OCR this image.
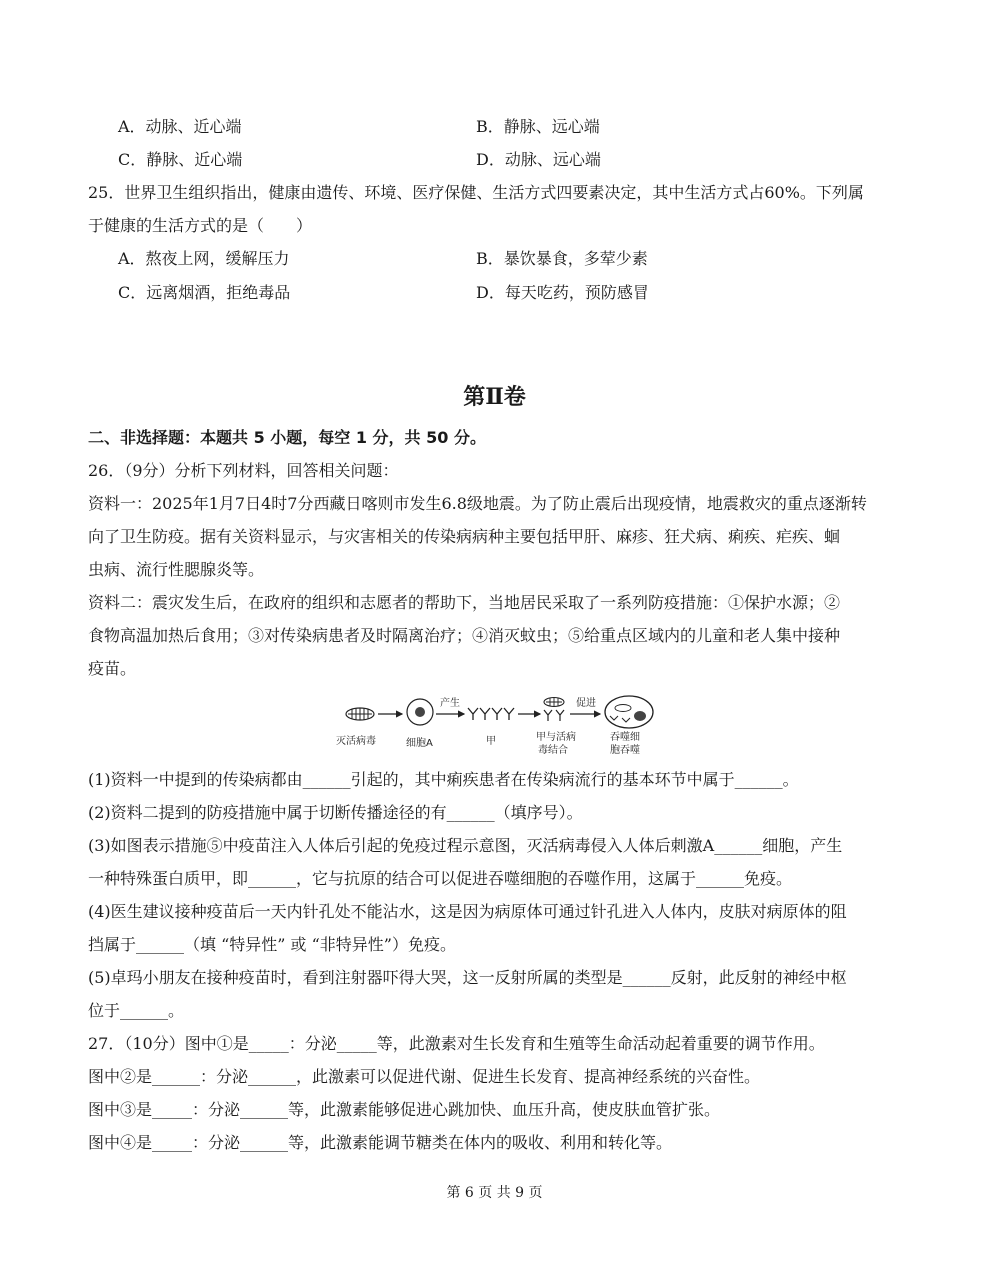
A．动脉、近心端	B．静脉、远心端
C．静脉、近心端	D．动脉、远心端
25．世界卫生组织指出，健康由遗传、环境、医疗保健、生活方式四要素决定，其中生活方式占60%。下列属
于健康的生活方式的是（　　）
A．熬夜上网，缓解压力	B．暴饮暴食，多荤少素
C．远离烟酒，拒绝毒品	D．每天吃药，预防感冒
第Ⅱ卷
二、非选择题：本题共 5 小题，每空 1 分，共 50 分。
26．（9分）分析下列材料，回答相关问题：
资料一：2025年1月7日4时7分西藏日喀则市发生6.8级地震。为了防止震后出现疫情，地震救灾的重点逐渐转
向了卫生防疫。据有关资料显示，与灾害相关的传染病病种主要包括甲肝、麻疹、狂犬病、痢疾、疟疾、蛔
虫病、流行性腮腺炎等。
资料二：震灾发生后，在政府的组织和志愿者的帮助下，当地居民采取了一系列防疫措施：①保护水源；②
食物高温加热后食用；③对传染病患者及时隔离治疗；④消灭蚊虫；⑤给重点区域内的儿童和老人集中接种
疫苗。
产生	促进
灭活病毒	细胞A	甲	甲与活病
毒结合
吞噬细
胞吞噬
(1)资料一中提到的传染病都由______引起的，其中痢疾患者在传染病流行的基本环节中属于______。
(2)资料二提到的防疫措施中属于切断传播途径的有______（填序号）。
(3)如图表示措施⑤中疫苗注入人体后引起的免疫过程示意图，灭活病毒侵入人体后刺激A______细胞，产生
一种特殊蛋白质甲，即______，它与抗原的结合可以促进吞噬细胞的吞噬作用，这属于______免疫。
(4)医生建议接种疫苗后一天内针孔处不能沾水，这是因为病原体可通过针孔进入人体内，皮肤对病原体的阻
挡属于______（填 “特异性” 或 “非特异性”）免疫。
(5)卓玛小朋友在接种疫苗时，看到注射器吓得大哭，这一反射所属的类型是______反射，此反射的神经中枢
位于______。
27．（10分）图中①是_____：分泌_____等，此激素对生长发育和生殖等生命活动起着重要的调节作用。
图中②是______：分泌______，此激素可以促进代谢、促进生长发育、提高神经系统的兴奋性。
图中③是_____：分泌______等，此激素能够促进心跳加快、血压升高，使皮肤血管扩张。
图中④是_____：分泌______等，此激素能调节糖类在体内的吸收、利用和转化等。
第 6 页 共 9 页
